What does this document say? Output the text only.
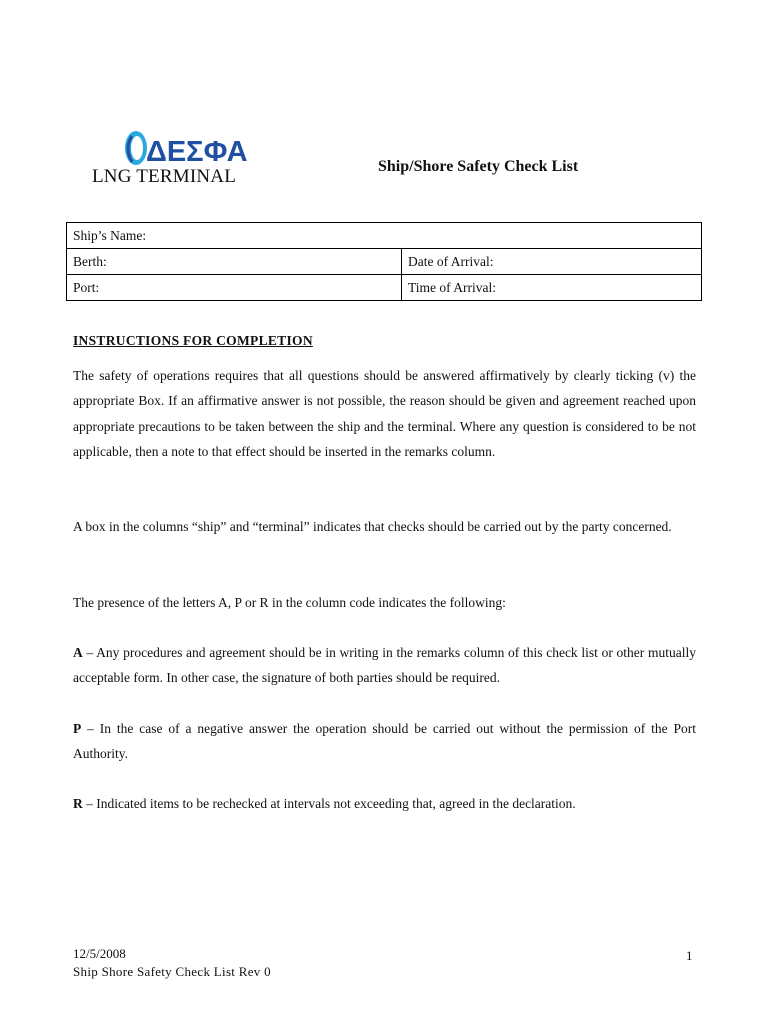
ΔΕΣΦΑ
LNG TERMINAL	Ship/Shore Safety Check List
Ship’s Name:	
Berth:	Date of Arrival:
Port:	Time of Arrival:
INSTRUCTIONS FOR COMPLETION
The safety of operations requires that all questions should be answered affirmatively by clearly ticking (v) the appropriate Box. If an affirmative answer is not possible, the reason should be given and agreement reached upon appropriate precautions to be taken between the ship and the terminal. Where any question is considered to be not applicable, then a note to that effect should be inserted in the remarks column.
A box in the columns “ship” and “terminal” indicates that checks should be carried out by the party concerned.
The presence of the letters A, P or R in the column code indicates the following:
A – Any procedures and agreement should be in writing in the remarks column of this check list or other mutually acceptable form. In other case, the signature of both parties should be required.
P – In the case of a negative answer the operation should be carried out without the permission of the Port Authority.
R – Indicated items to be rechecked at intervals not exceeding that, agreed in the declaration.
12/5/2008
Ship Shore Safety Check List Rev 0
1
